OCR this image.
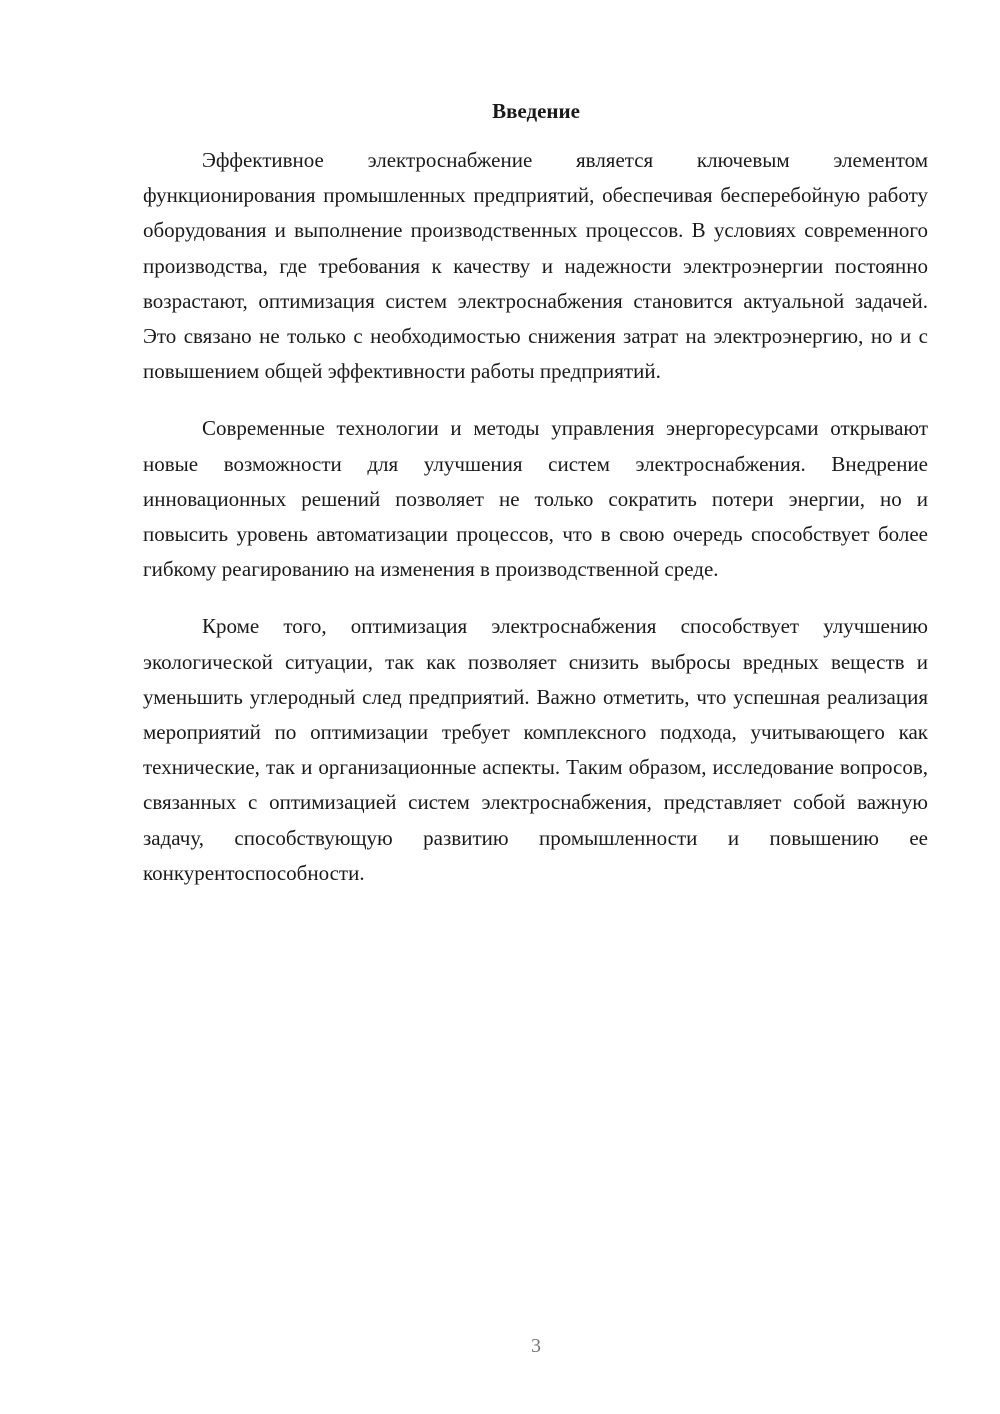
Введение

Эффективное электроснабжение является ключевым элементом функционирования промышленных предприятий, обеспечивая бесперебойную работу оборудования и выполнение производственных процессов. В условиях современного производства, где требования к качеству и надежности электроэнергии постоянно возрастают, оптимизация систем электроснабжения становится актуальной задачей. Это связано не только с необходимостью снижения затрат на электроэнергию, но и с повышением общей эффективности работы предприятий.

Современные технологии и методы управления энергоресурсами открывают новые возможности для улучшения систем электроснабжения. Внедрение инновационных решений позволяет не только сократить потери энергии, но и повысить уровень автоматизации процессов, что в свою очередь способствует более гибкому реагированию на изменения в производственной среде.

Кроме того, оптимизация электроснабжения способствует улучшению экологической ситуации, так как позволяет снизить выбросы вредных веществ и уменьшить углеродный след предприятий. Важно отметить, что успешная реализация мероприятий по оптимизации требует комплексного подхода, учитывающего как технические, так и организационные аспекты. Таким образом, исследование вопросов, связанных с оптимизацией систем электроснабжения, представляет собой важную задачу, способствующую развитию промышленности и повышению ее конкурентоспособности.

3
